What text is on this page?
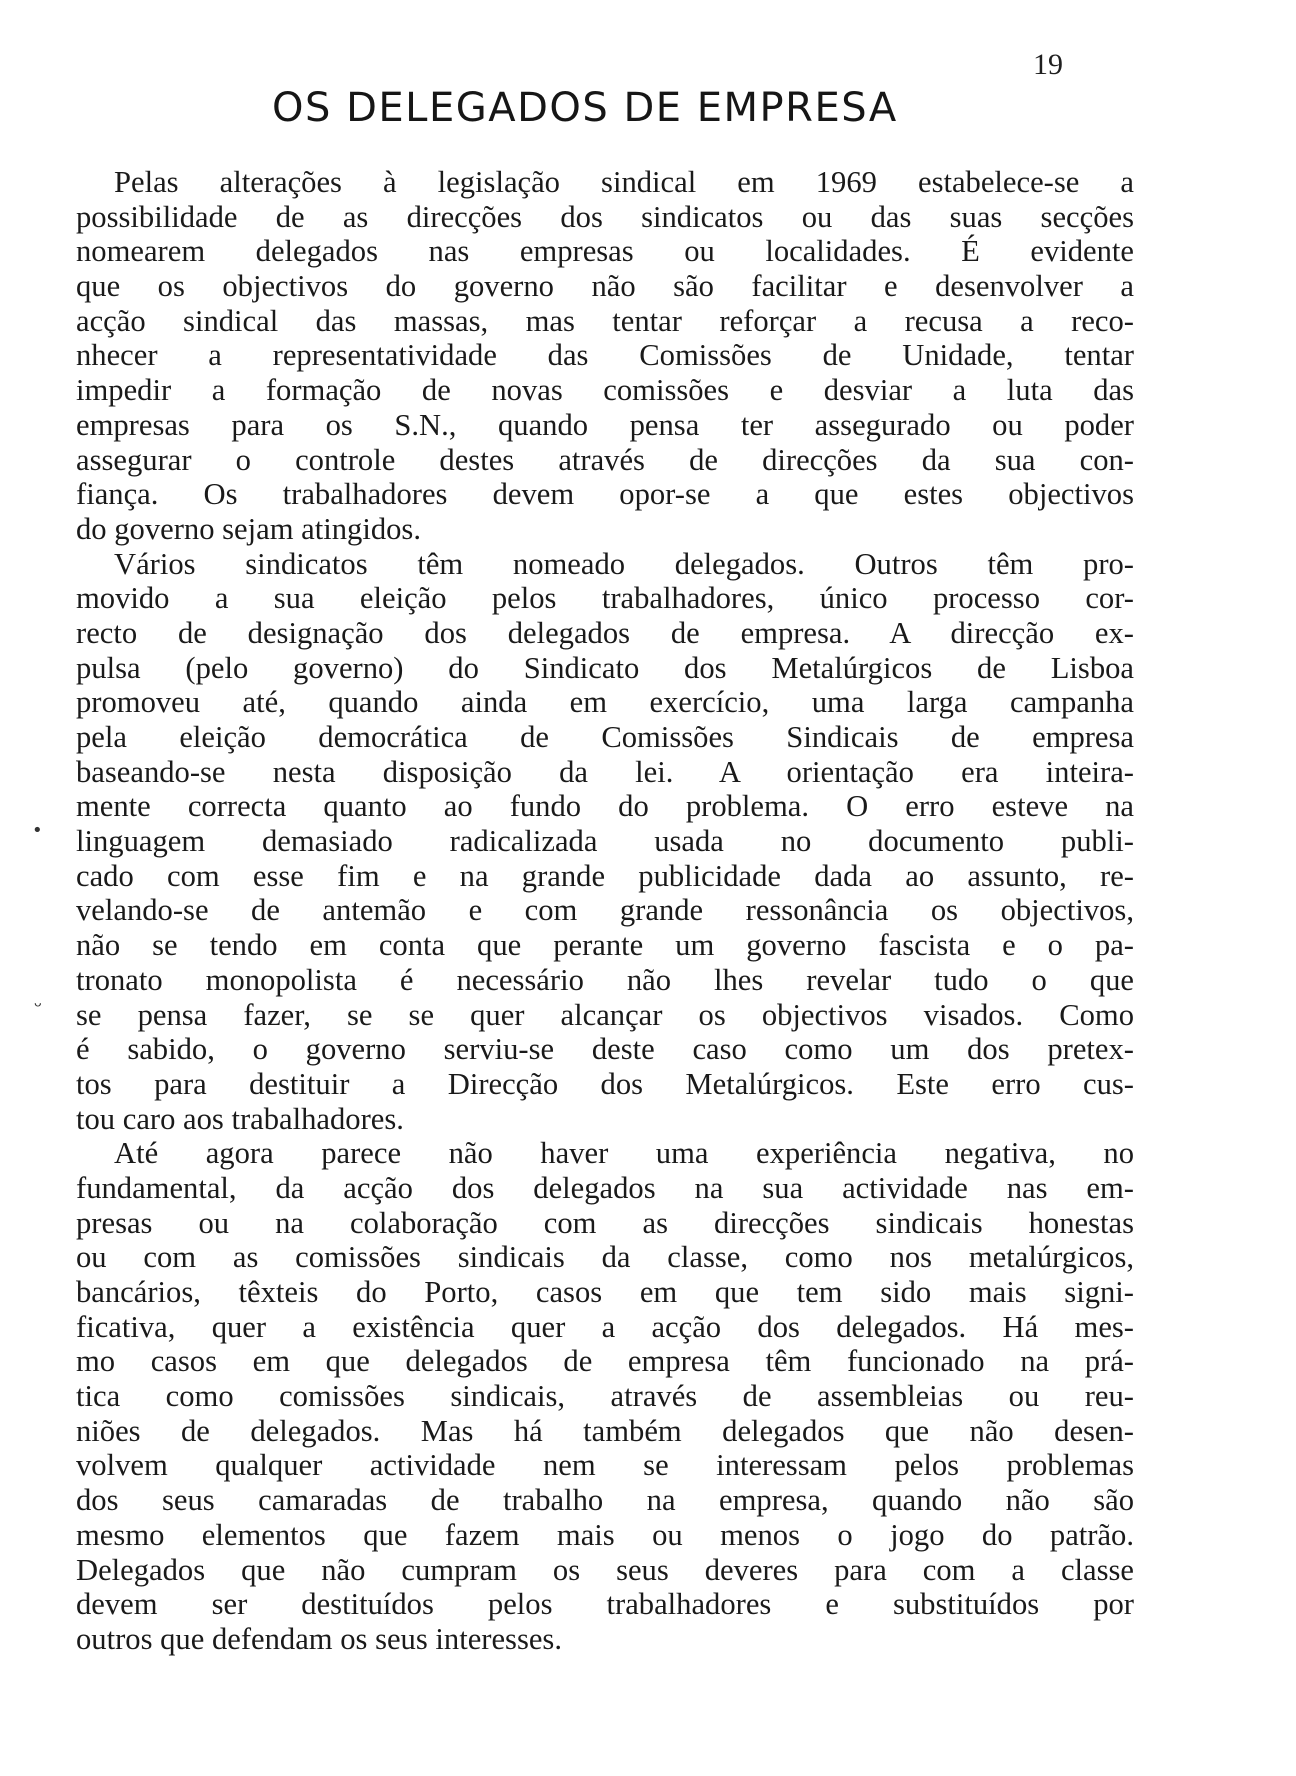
19
OS DELEGADOS DE EMPRESA
•
ᵕ
Pelas alterações à legislação sindical em 1969 estabelece-se a
possibilidade de as direcções dos sindicatos ou das suas secções
nomearem delegados nas empresas ou localidades. É evidente
que os objectivos do governo não são facilitar e desenvolver a
acção sindical das massas, mas tentar reforçar a recusa a reco-
nhecer a representatividade das Comissões de Unidade, tentar
impedir a formação de novas comissões e desviar a luta das
empresas para os S.N., quando pensa ter assegurado ou poder
assegurar o controle destes através de direcções da sua con-
fiança. Os trabalhadores devem opor-se a que estes objectivos
do governo sejam atingidos.
Vários sindicatos têm nomeado delegados. Outros têm pro-
movido a sua eleição pelos trabalhadores, único processo cor-
recto de designação dos delegados de empresa. A direcção ex-
pulsa (pelo governo) do Sindicato dos Metalúrgicos de Lisboa
promoveu até, quando ainda em exercício, uma larga campanha
pela eleição democrática de Comissões Sindicais de empresa
baseando-se nesta disposição da lei. A orientação era inteira-
mente correcta quanto ao fundo do problema. O erro esteve na
linguagem demasiado radicalizada usada no documento publi-
cado com esse fim e na grande publicidade dada ao assunto, re-
velando-se de antemão e com grande ressonância os objectivos,
não se tendo em conta que perante um governo fascista e o pa-
tronato monopolista é necessário não lhes revelar tudo o que
se pensa fazer, se se quer alcançar os objectivos visados. Como
é sabido, o governo serviu-se deste caso como um dos pretex-
tos para destituir a Direcção dos Metalúrgicos. Este erro cus-
tou caro aos trabalhadores.
Até agora parece não haver uma experiência negativa, no
fundamental, da acção dos delegados na sua actividade nas em-
presas ou na colaboração com as direcções sindicais honestas
ou com as comissões sindicais da classe, como nos metalúrgicos,
bancários, têxteis do Porto, casos em que tem sido mais signi-
ficativa, quer a existência quer a acção dos delegados. Há mes-
mo casos em que delegados de empresa têm funcionado na prá-
tica como comissões sindicais, através de assembleias ou reu-
niões de delegados. Mas há também delegados que não desen-
volvem qualquer actividade nem se interessam pelos problemas
dos seus camaradas de trabalho na empresa, quando não são
mesmo elementos que fazem mais ou menos o jogo do patrão.
Delegados que não cumpram os seus deveres para com a classe
devem ser destituídos pelos trabalhadores e substituídos por
outros que defendam os seus interesses.
